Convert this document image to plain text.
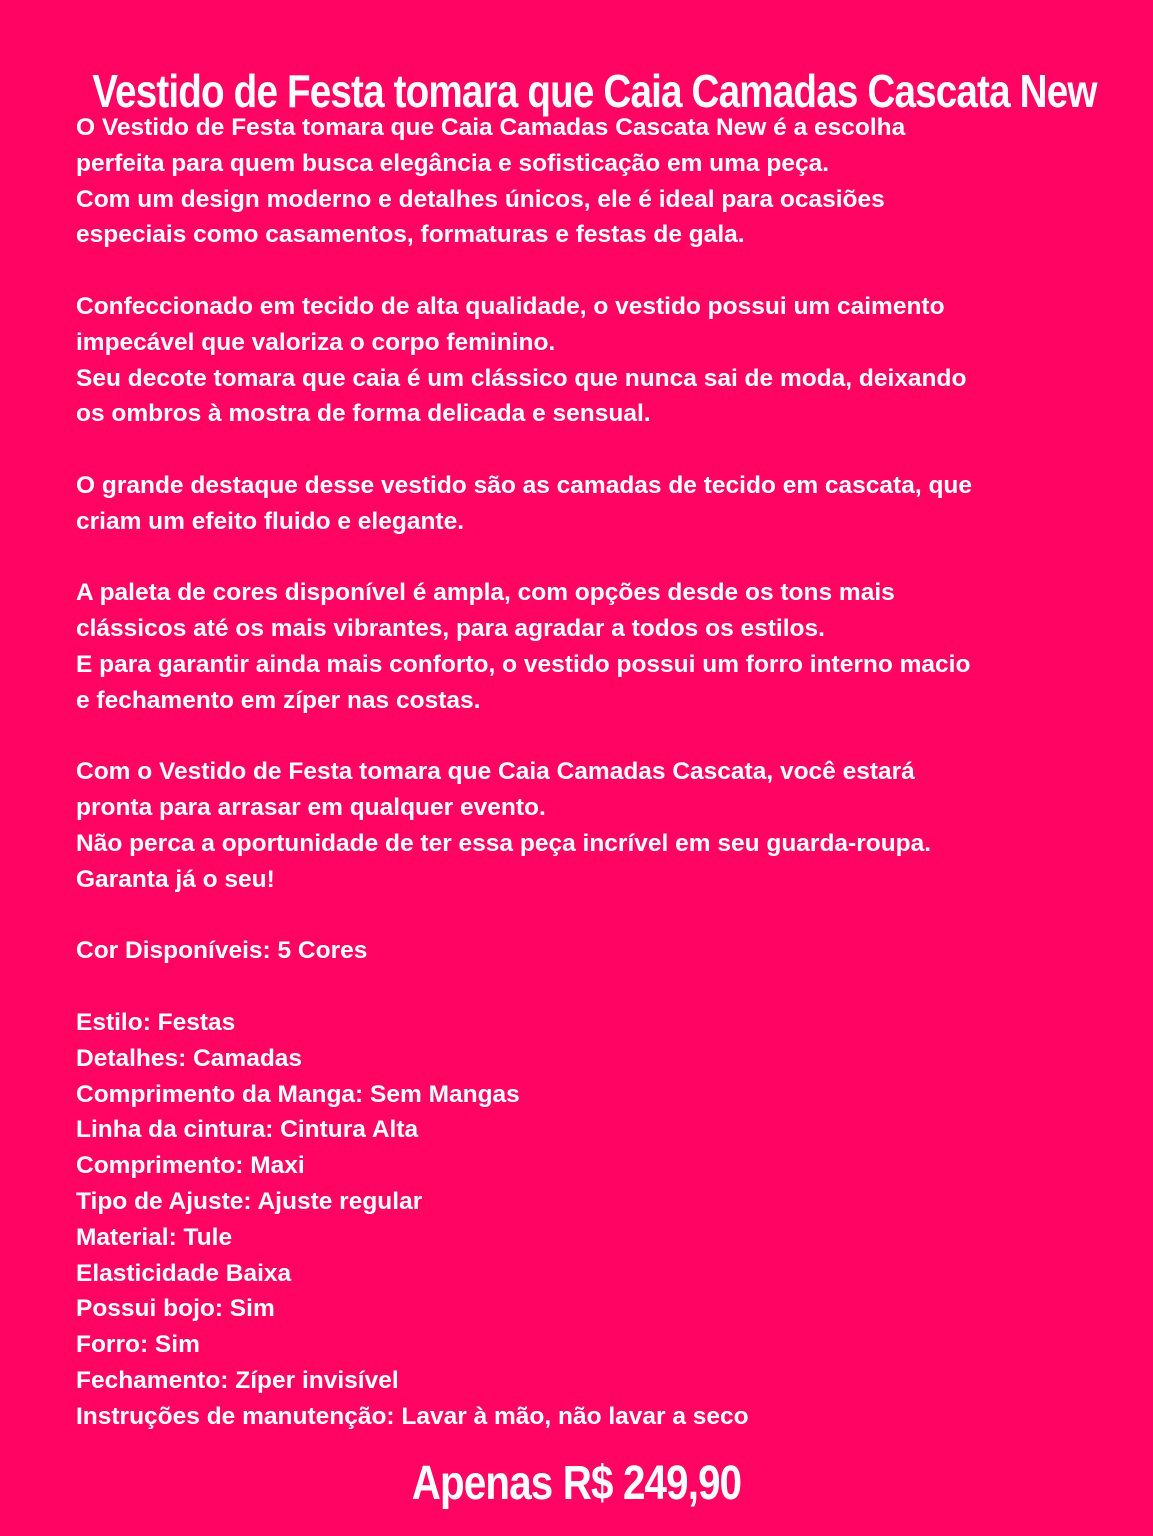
Vestido de Festa tomara que Caia Camadas Cascata New
O Vestido de Festa tomara que Caia Camadas Cascata New é a escolha
perfeita para quem busca elegância e sofisticação em uma peça.
Com um design moderno e detalhes únicos, ele é ideal para ocasiões
especiais como casamentos, formaturas e festas de gala.
Confeccionado em tecido de alta qualidade, o vestido possui um caimento
impecável que valoriza o corpo feminino.
Seu decote tomara que caia é um clássico que nunca sai de moda, deixando
os ombros à mostra de forma delicada e sensual.
O grande destaque desse vestido são as camadas de tecido em cascata, que
criam um efeito fluido e elegante.
A paleta de cores disponível é ampla, com opções desde os tons mais
clássicos até os mais vibrantes, para agradar a todos os estilos.
E para garantir ainda mais conforto, o vestido possui um forro interno macio
e fechamento em zíper nas costas.
Com o Vestido de Festa tomara que Caia Camadas Cascata, você estará
pronta para arrasar em qualquer evento.
Não perca a oportunidade de ter essa peça incrível em seu guarda-roupa.
Garanta já o seu!
Cor Disponíveis: 5 Cores
Estilo: Festas
Detalhes: Camadas
Comprimento da Manga: Sem Mangas
Linha da cintura: Cintura Alta
Comprimento: Maxi
Tipo de Ajuste: Ajuste regular
Material: Tule
Elasticidade Baixa
Possui bojo: Sim
Forro: Sim
Fechamento: Zíper invisível
Instruções de manutenção: Lavar à mão, não lavar a seco
Apenas R$ 249,90
